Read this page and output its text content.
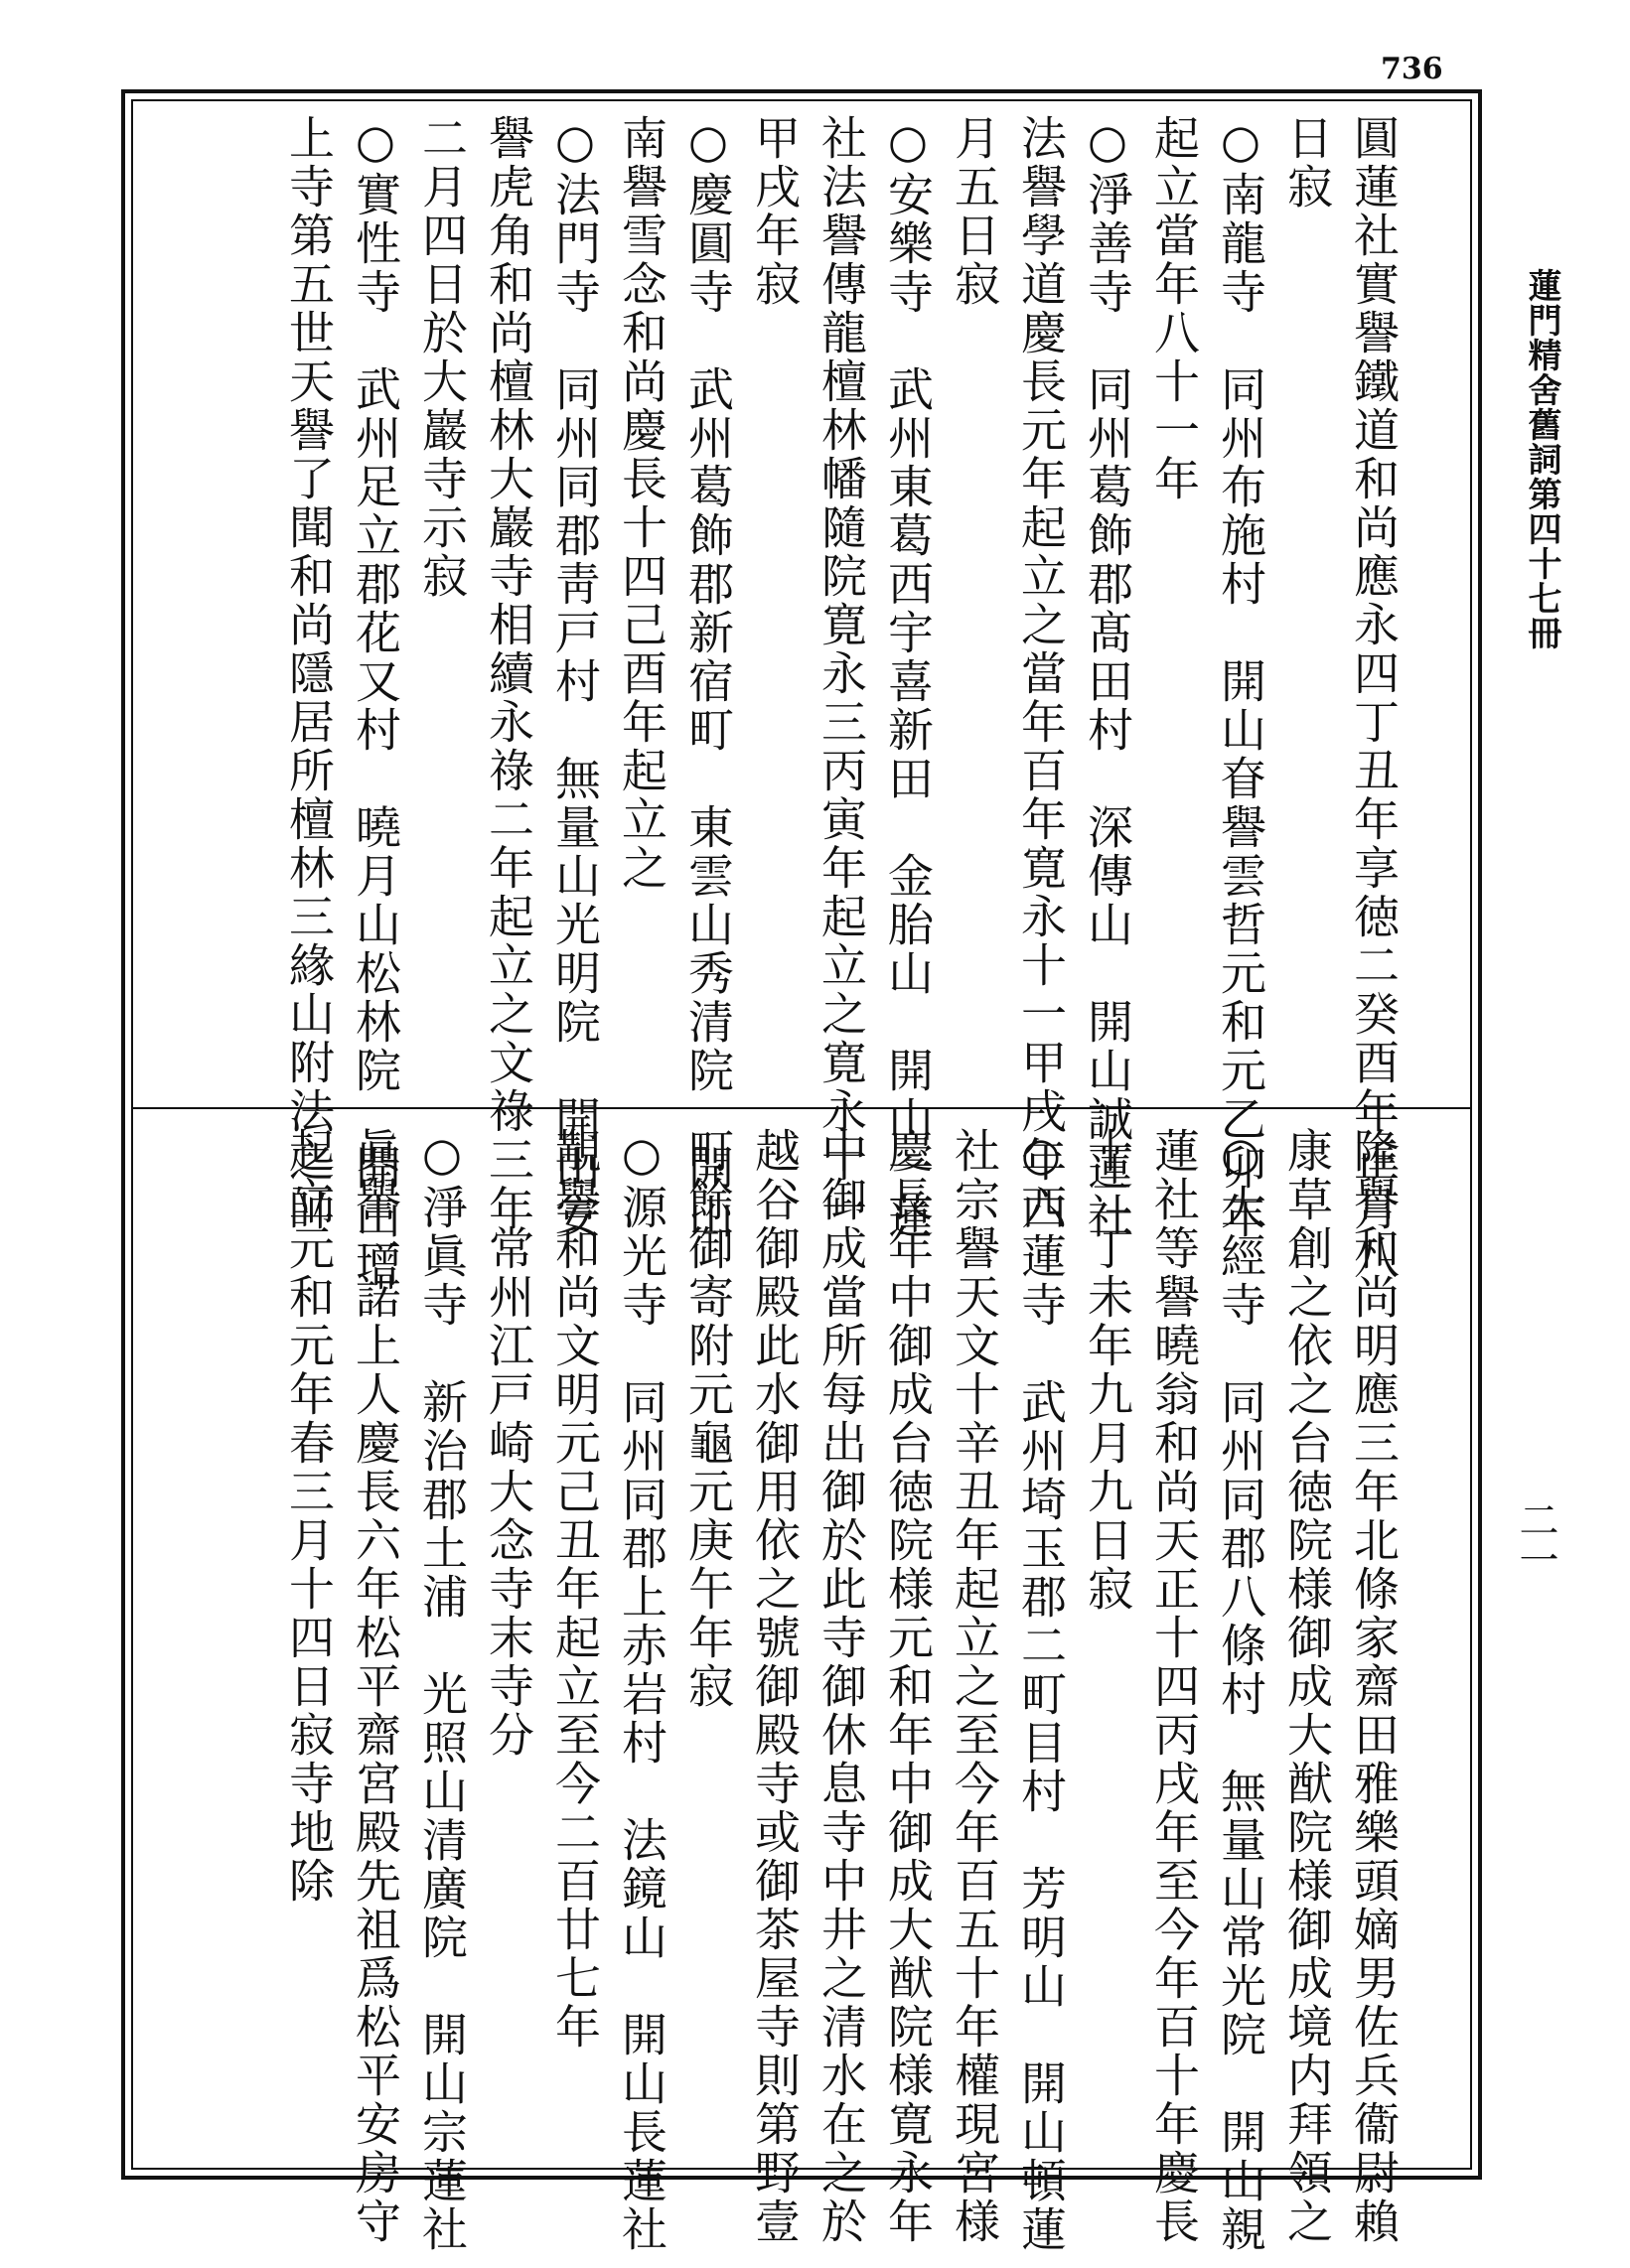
736
蓮門精舍舊詞第四十七冊
二一
圓蓮社實譽鐵道和尚應永四丁丑年享徳二癸酉年正月八
日寂
○南龍寺　同州布施村　開山眘譽雲哲元和元乙卯年
起立當年八十一年
○淨善寺　同州葛飾郡髙田村　深傳山　開山誠蓮社
法譽學道慶長元年起立之當年百年寛永十一甲戌年六
月五日寂
○安樂寺　武州東葛西宇喜新田　金胎山　開山一蓮
社法譽傳龍檀林幡隨院寛永三丙寅年起立之寛永十一
甲戌年寂
○慶圓寺　武州葛飾郡新宿町　東雲山秀清院　開山
南譽雪念和尚慶長十四己酉年起立之
○法門寺　同州同郡靑戸村　無量山光明院　開山安
譽虎角和尚檀林大巖寺相續永祿二年起立之文祿三年
二月四日於大巖寺示寂
○實性寺　武州足立郡花又村　曉月山松林院　開山增
上寺第五世天譽了聞和尚隱居所檀林三緣山附法之師
隆譽和尚明應三年北條家齋田雅樂頭嫡男佐兵衞尉賴
康草創之依之台徳院様御成大猷院様御成境内拜領之
○大經寺　同州同郡八條村　無量山常光院　開山親
蓮社等譽曉翁和尚天正十四丙戌年至今年百十年慶長
十二丁未年九月九日寂
○西蓮寺　武州埼玉郡二町目村　芳明山　開山頓蓮
社宗譽天文十辛丑年起立之至今年百五十年權現宮様
慶長年中御成台徳院様元和年中御成大猷院様寛永年
中御成當所每出御於此寺御休息寺中井之清水在之於
越谷御殿此水御用依之號御殿寺或御茶屋寺則第野壹
町餘御寄附元龜元庚午年寂
○源光寺　同州同郡上赤岩村　法鏡山　開山長蓮社
覯譽和尚文明元己丑年起立至今二百廿七年
　　常州江戸崎大念寺末寺分
○淨眞寺　新治郡土浦　光照山清廣院　開山宗蓮社
眞譽一諾上人慶長六年松平齋宮殿先祖爲松平安房守
起立元和元年春三月十四日寂寺地除
